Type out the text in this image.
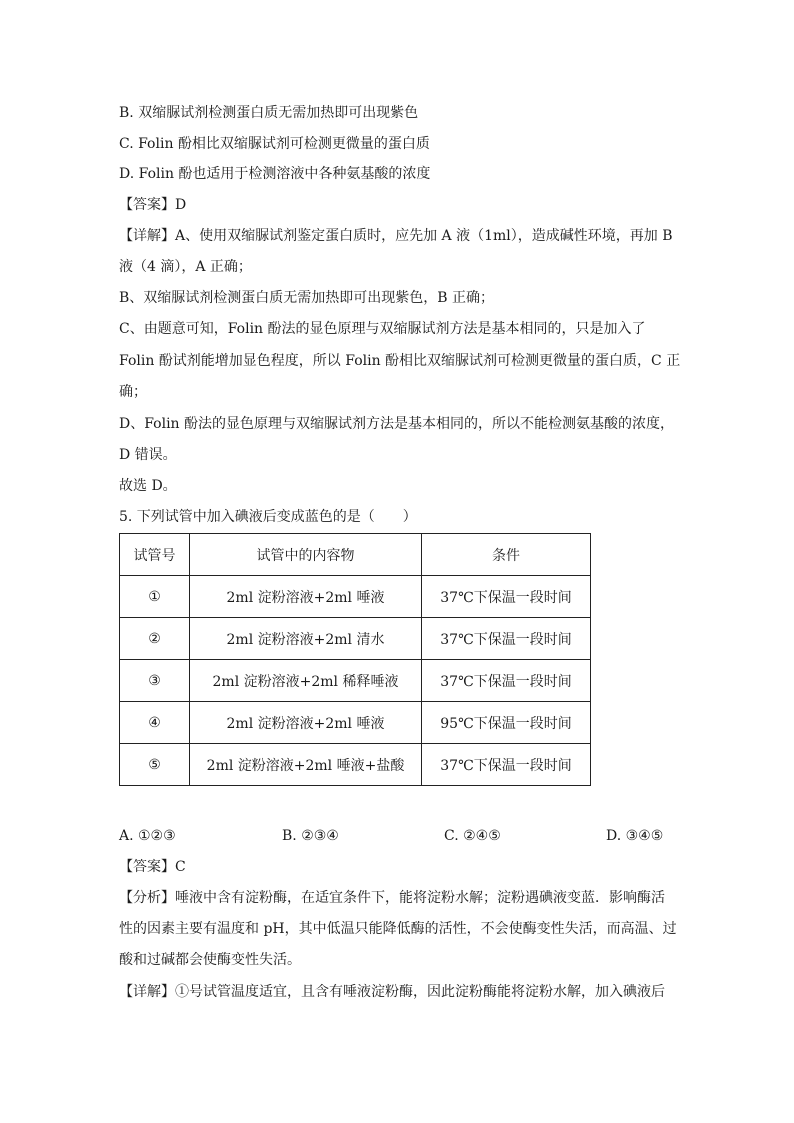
B. 双缩脲试剂检测蛋白质无需加热即可出现紫色
C. Folin 酚相比双缩脲试剂可检测更微量的蛋白质
D. Folin 酚也适用于检测溶液中各种氨基酸的浓度
【答案】D
【详解】A、使用双缩脲试剂鉴定蛋白质时，应先加 A 液（1ml），造成碱性环境，再加 B
液（4 滴），A 正确；
B、双缩脲试剂检测蛋白质无需加热即可出现紫色，B 正确；
C、由题意可知，Folin 酚法的显色原理与双缩脲试剂方法是基本相同的，只是加入了
Folin 酚试剂能增加显色程度，所以 Folin 酚相比双缩脲试剂可检测更微量的蛋白质，C 正
确；
D、Folin 酚法的显色原理与双缩脲试剂方法是基本相同的，所以不能检测氨基酸的浓度，
D 错误。
故选 D。
5. 下列试管中加入碘液后变成蓝色的是（　　）
试管号	试管中的内容物	条件
①	2ml 淀粉溶液+2ml 唾液	37℃下保温一段时间
②	2ml 淀粉溶液+2ml 清水	37℃下保温一段时间
③	2ml 淀粉溶液+2ml 稀释唾液	37℃下保温一段时间
④	2ml 淀粉溶液+2ml 唾液	95℃下保温一段时间
⑤	2ml 淀粉溶液+2ml 唾液+盐酸	37℃下保温一段时间
A. ①②③	B. ②③④	C. ②④⑤	D. ③④⑤
【答案】C
【分析】唾液中含有淀粉酶，在适宜条件下，能将淀粉水解；淀粉遇碘液变蓝．影响酶活
性的因素主要有温度和 pH，其中低温只能降低酶的活性，不会使酶变性失活，而高温、过
酸和过碱都会使酶变性失活。
【详解】①号试管温度适宜，且含有唾液淀粉酶，因此淀粉酶能将淀粉水解，加入碘液后
